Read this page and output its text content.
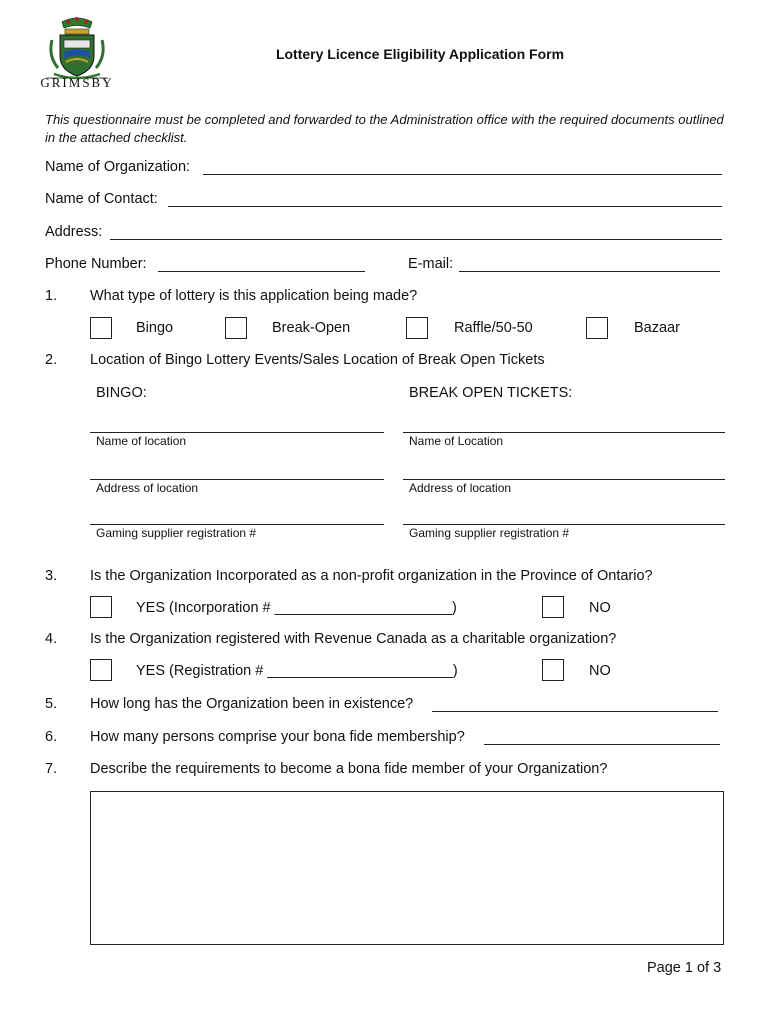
GRIMSBY
Lottery Licence Eligibility Application Form
This questionnaire must be completed and forwarded to the Administration office with the required documents outlined in the attached checklist.
Name of Organization:
Name of Contact:
Address:
Phone Number:	E-mail:
1. What type of lottery is this application being made?
Bingo	Break-Open	Raffle/50-50	Bazaar
2. Location of Bingo Lottery Events/Sales Location of Break Open Tickets
BINGO:	BREAK OPEN TICKETS:
Name of location	Name of Location
Address of location	Address of location
Gaming supplier registration #	Gaming supplier registration #
3. Is the Organization Incorporated as a non-profit organization in the Province of Ontario?
YES (Incorporation # ______________________)	NO
4. Is the Organization registered with Revenue Canada as a charitable organization?
YES (Registration # _______________________)	NO
5. How long has the Organization been in existence?
6. How many persons comprise your bona fide membership?
7. Describe the requirements to become a bona fide member of your Organization?
Page 1 of 3
